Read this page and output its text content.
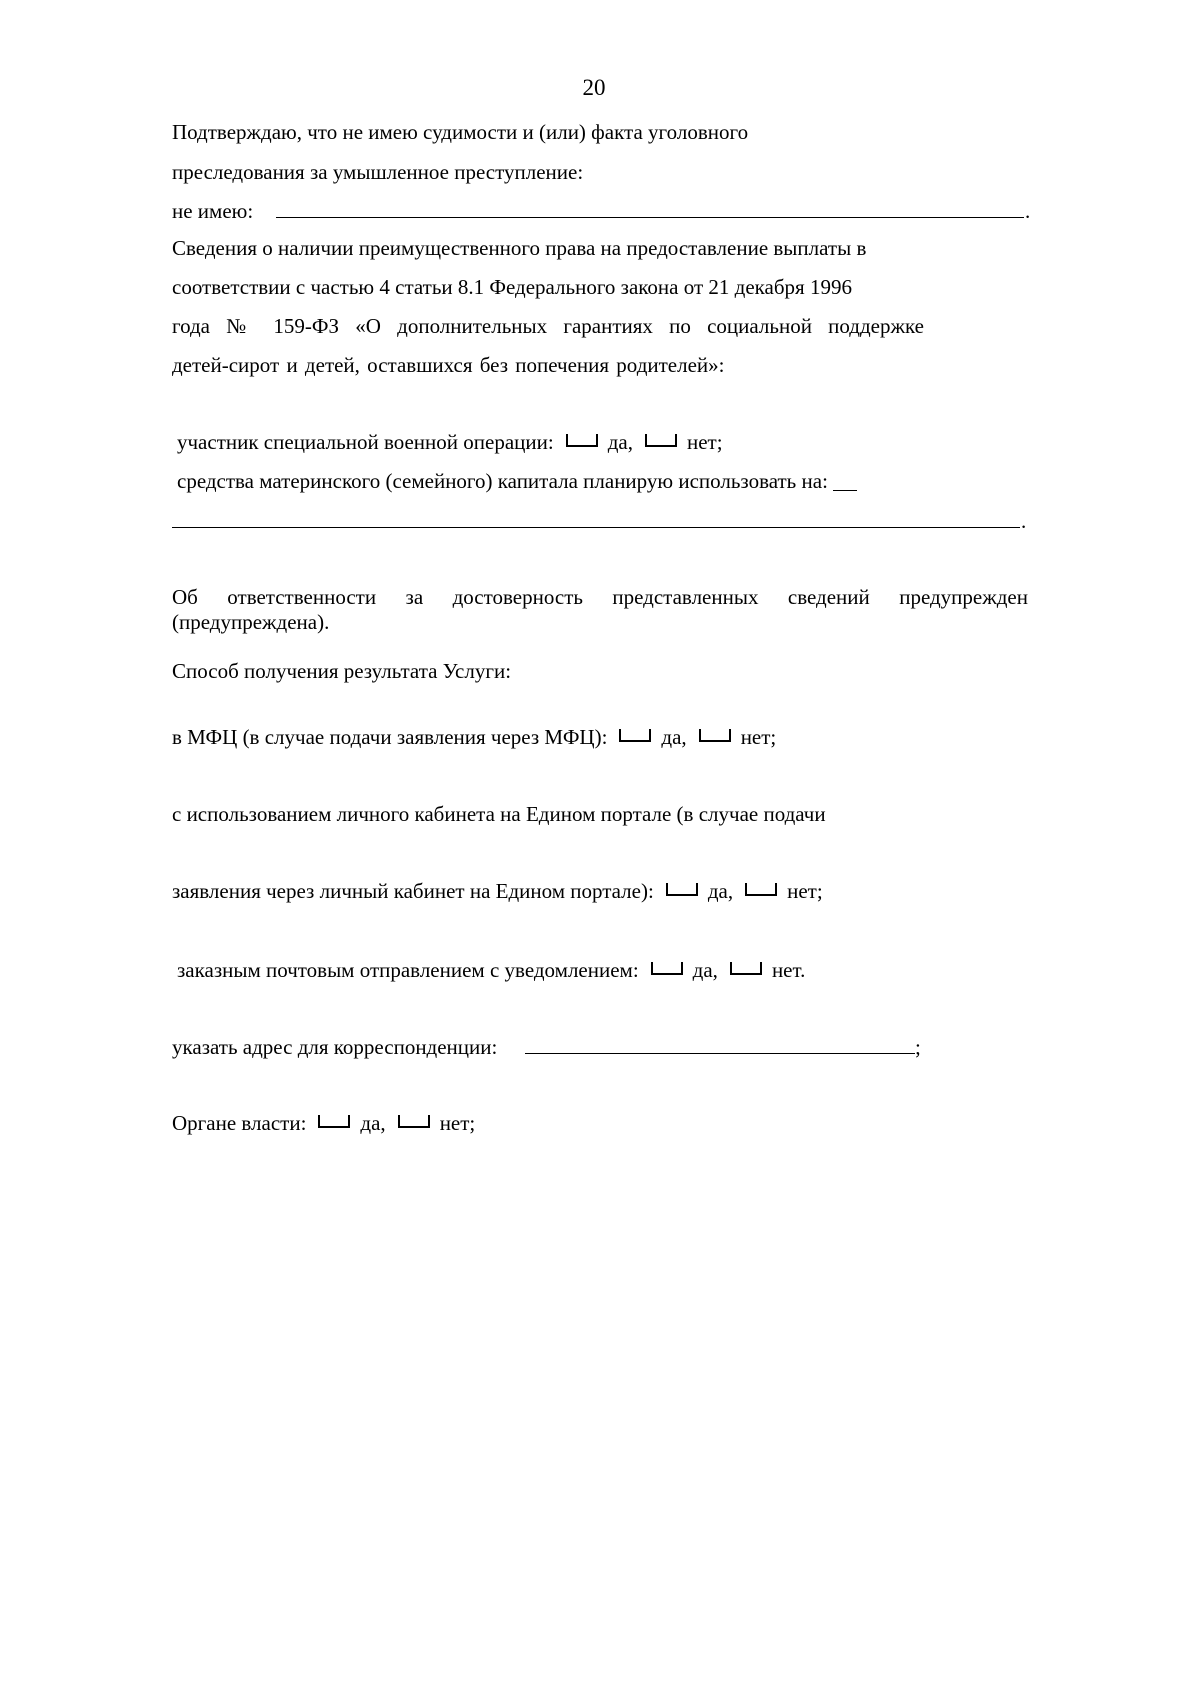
20
Подтверждаю, что не имею судимости и (или) факта уголовного
преследования за умышленное преступление:
не имею:	.
Сведения о наличии преимущественного права на предоставление выплаты в
соответствии с частью 4 статьи 8.1 Федерального закона от 21 декабря 1996
года № 159-ФЗ «О дополнительных гарантиях по социальной поддержке
детей-сирот и детей, оставшихся без попечения родителей»:
участник специальной военной операции:	да,	нет;
средства материнского (семейного) капитала планирую использовать на:
.
Об ответственности за достоверность представленных сведений предупрежден
(предупреждена).
Способ получения результата Услуги:
в МФЦ (в случае подачи заявления через МФЦ):	да,	нет;
с использованием личного кабинета на Едином портале (в случае подачи
заявления через личный кабинет на Едином портале):	да,	нет;
заказным почтовым отправлением с уведомлением:	да,	нет.
указать адрес для корреспонденции:	;
Органе власти:	да,	нет;
